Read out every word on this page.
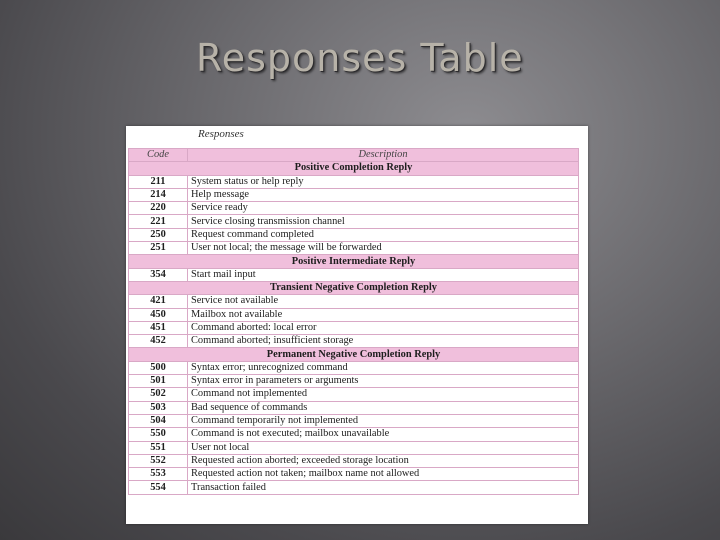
Responses Table
Responses
Code	Description
Positive Completion Reply	
211	System status or help reply
214	Help message
220	Service ready
221	Service closing transmission channel
250	Request command completed
251	User not local; the message will be forwarded
Positive Intermediate Reply	
354	Start mail input
Transient Negative Completion Reply	
421	Service not available
450	Mailbox not available
451	Command aborted: local error
452	Command aborted; insufficient storage
Permanent Negative Completion Reply	
500	Syntax error; unrecognized command
501	Syntax error in parameters or arguments
502	Command not implemented
503	Bad sequence of commands
504	Command temporarily not implemented
550	Command is not executed; mailbox unavailable
551	User not local
552	Requested action aborted; exceeded storage location
553	Requested action not taken; mailbox name not allowed
554	Transaction failed
